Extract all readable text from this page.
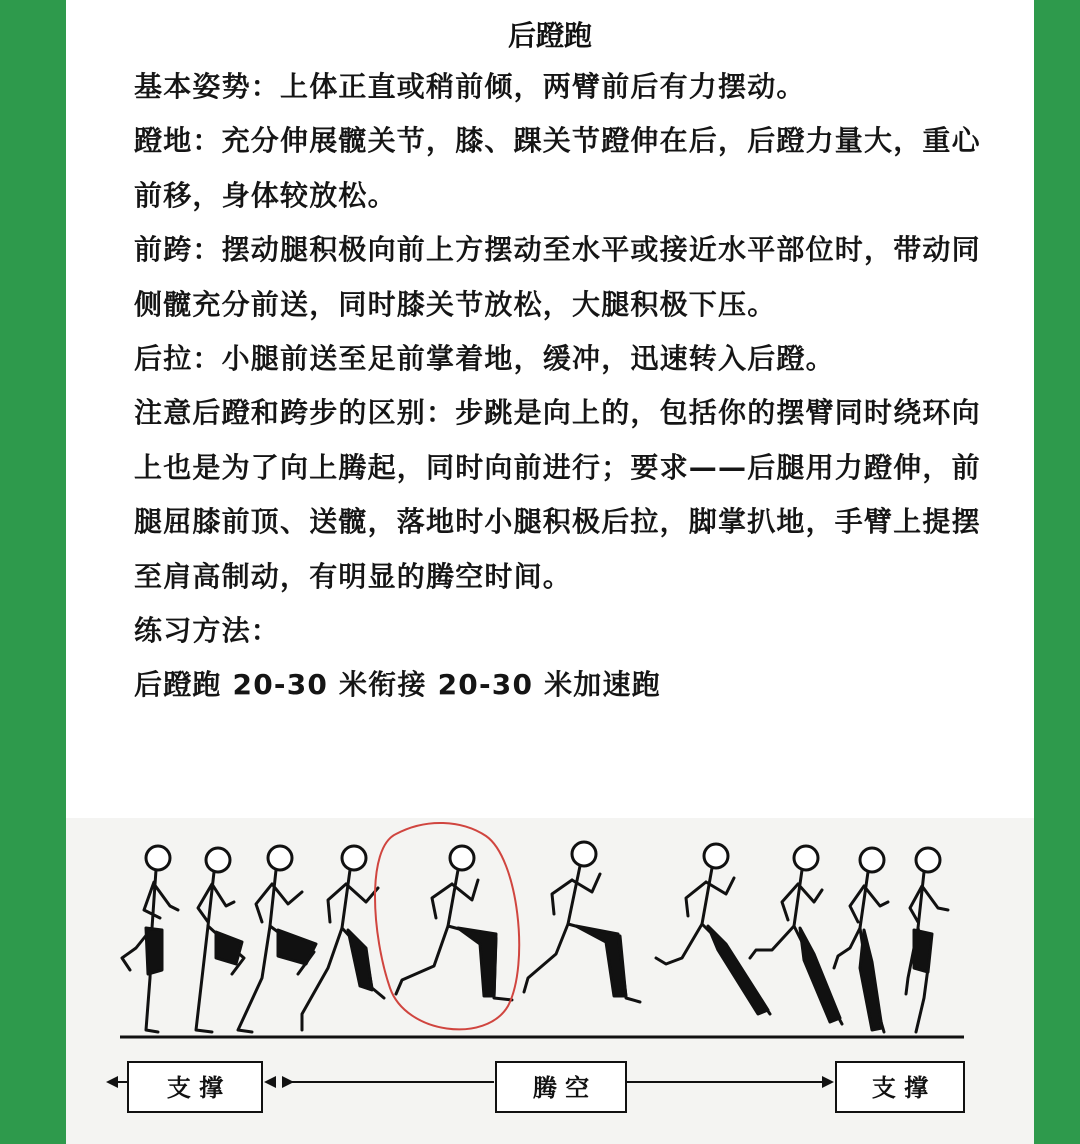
后蹬跑

基本姿势：上体正直或稍前倾，两臂前后有力摆动。

蹬地：充分伸展髋关节，膝、踝关节蹬伸在后，后蹬力量大，重心前移，身体较放松。

前跨：摆动腿积极向前上方摆动至水平或接近水平部位时，带动同侧髋充分前送，同时膝关节放松，大腿积极下压。

后拉：小腿前送至足前掌着地，缓冲，迅速转入后蹬。

注意后蹬和跨步的区别：步跳是向上的，包括你的摆臂同时绕环向上也是为了向上腾起，同时向前进行；要求——后腿用力蹬伸，前腿屈膝前顶、送髋，落地时小腿积极后拉，脚掌扒地，手臂上提摆至肩高制动，有明显的腾空时间。

练习方法：

后蹬跑 20-30 米衔接 20-30 米加速跑

支 撑	腾 空	支 撑
